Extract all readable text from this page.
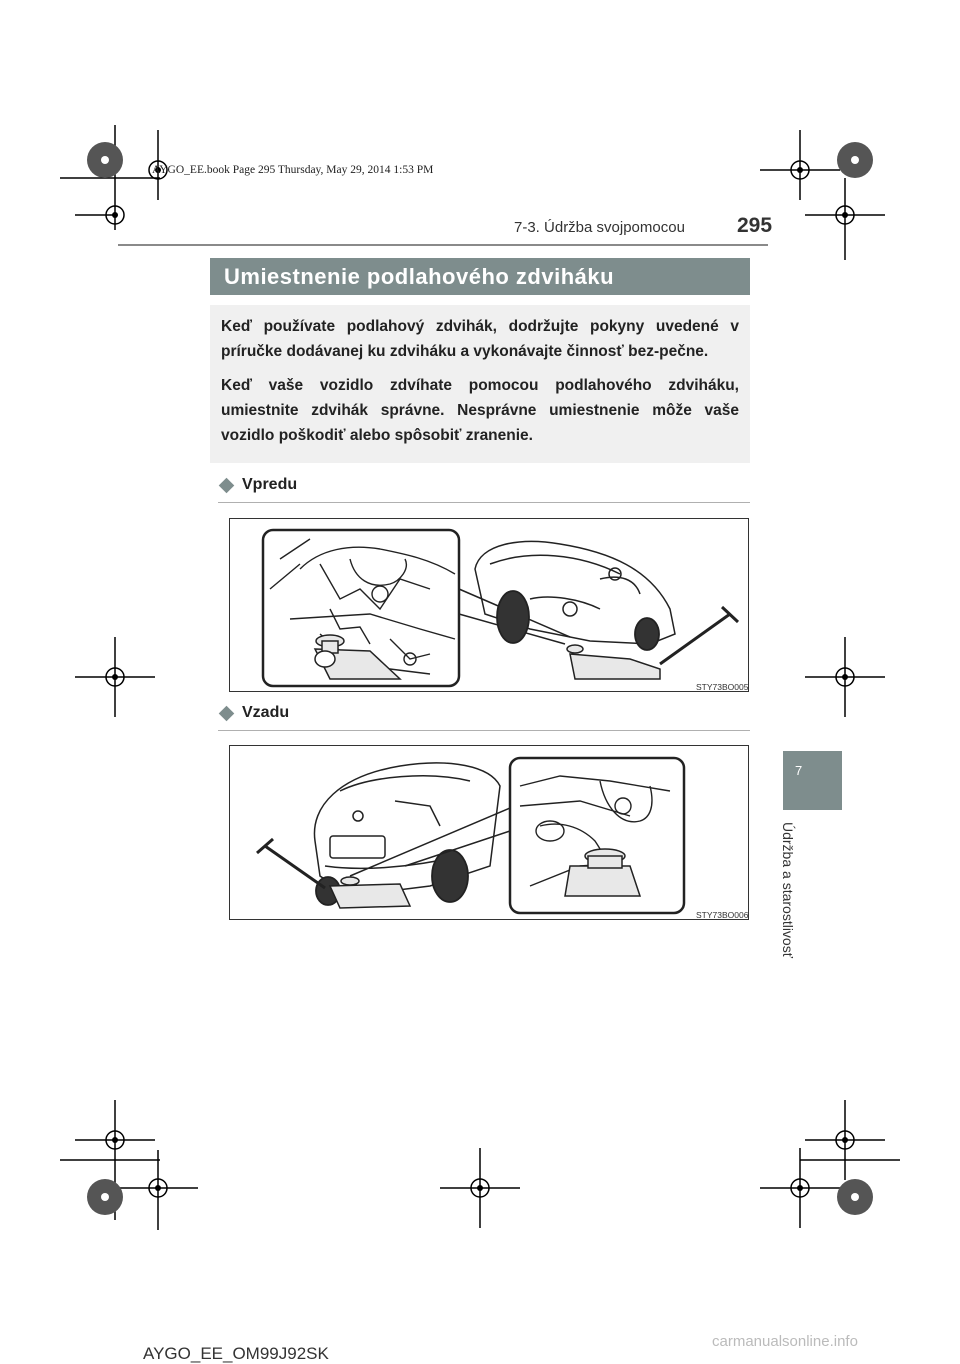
AYGO_EE.book Page 295 Thursday, May 29, 2014 1:53 PM
7-3. Údržba svojpomocou 295
Umiestnenie podlahového zdviháku

Keď používate podlahový zdvihák, dodržujte pokyny uvedené v príručke dodávanej ku zdviháku a vykonávajte činnosť bez-pečne.

Keď vaše vozidlo zdvíhate pomocou podlahového zdviháku, umiestnite zdvihák správne. Nesprávne umiestnenie môže vaše vozidlo poškodiť alebo spôsobiť zranenie.

Vpredu
STY73BO005
Vzadu
STY73BO006
7
Údržba a starostlivosť
AYGO_EE_OM99J92SK
carmanualsonline.info
